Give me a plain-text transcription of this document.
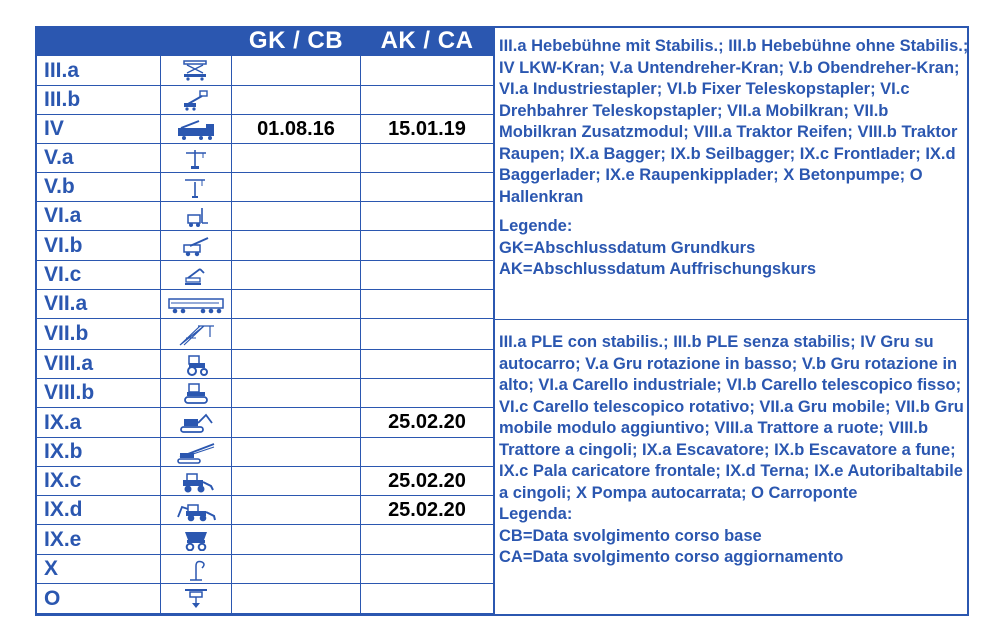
		GK / CB	AK / CA
III.a			
III.b			
IV		01.08.16	15.01.19
V.a			
V.b			
VI.a			
VI.b			
VI.c			
VII.a			
VII.b			
VIII.a			
VIII.b			
IX.a			25.02.20
IX.b			
IX.c			25.02.20
IX.d			25.02.20
IX.e			
X			
O			

III.a Hebebühne mit Stabilis.; III.b Hebebühne ohne Stabilis.; IV LKW-Kran; V.a Untendreher-Kran; V.b Obendreher-Kran; VI.a Industriestapler; VI.b Fixer Teleskopstapler; VI.c Drehbahrer Teleskopstapler; VII.a Mobilkran; VII.b Mobilkran Zusatzmodul; VIII.a Traktor Reifen; VIII.b Traktor Raupen; IX.a Bagger; IX.b Seilbagger; IX.c Frontlader; IX.d Baggerlader; IX.e Raupenkipplader; X Betonpumpe; O Hallenkran

Legende:

GK=Abschlussdatum Grundkurs

AK=Abschlussdatum Auffrischungskurs

III.a PLE con stabilis.; III.b PLE senza stabilis; IV Gru su autocarro; V.a Gru rotazione in basso; V.b Gru rotazione in alto; VI.a Carello industriale; VI.b Carello telescopico fisso; VI.c Carello telescopico rotativo; VII.a Gru mobile; VII.b Gru mobile modulo aggiuntivo; VIII.a Trattore a ruote; VIII.b Trattore a cingoli; IX.a Escavatore; IX.b Escavatore a fune; IX.c Pala caricatore frontale; IX.d Terna; IX.e Autoribaltabile a cingoli; X Pompa autocarrata; O Carroponte

Legenda:

CB=Data svolgimento corso base

CA=Data svolgimento corso aggiornamento
